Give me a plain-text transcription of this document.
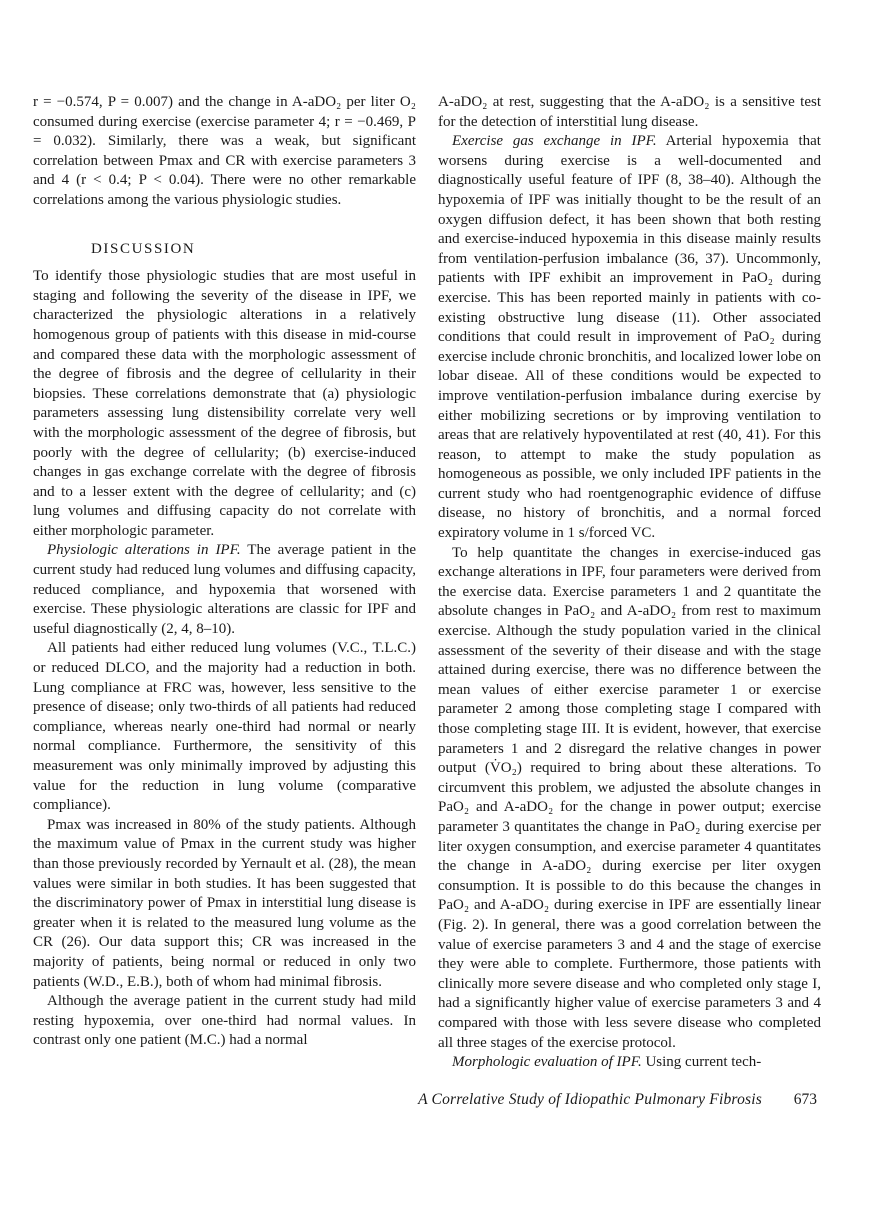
r = −0.574, P = 0.007) and the change in A-aDO₂ per liter O₂ consumed during exercise (exercise parameter 4; r = −0.469, P = 0.032). Similarly, there was a weak, but significant correlation between Pmax and CR with exercise parameters 3 and 4 (r < 0.4; P < 0.04). There were no other remarkable correlations among the various physiologic studies.

DISCUSSION

To identify those physiologic studies that are most useful in staging and following the severity of the disease in IPF, we characterized the physiologic alterations in a relatively homogenous group of patients with this disease in mid-course and compared these data with the morphologic assessment of the degree of fibrosis and the degree of cellularity in their biopsies. These correlations demonstrate that (a) physiologic parameters assessing lung distensibility correlate very well with the morphologic assessment of the degree of fibrosis, but poorly with the degree of cellularity; (b) exercise-induced changes in gas exchange correlate with the degree of fibrosis and to a lesser extent with the degree of cellularity; and (c) lung volumes and diffusing capacity do not correlate with either morphologic parameter.

Physiologic alterations in IPF. The average patient in the current study had reduced lung volumes and diffusing capacity, reduced compliance, and hypoxemia that worsened with exercise. These physiologic alterations are classic for IPF and useful diagnostically (2, 4, 8–10).

All patients had either reduced lung volumes (V.C., T.L.C.) or reduced DLCO, and the majority had a reduction in both. Lung compliance at FRC was, however, less sensitive to the presence of disease; only two-thirds of all patients had reduced compliance, whereas nearly one-third had normal or nearly normal compliance. Furthermore, the sensitivity of this measurement was only minimally improved by adjusting this value for the reduction in lung volume (comparative compliance).

Pmax was increased in 80% of the study patients. Although the maximum value of Pmax in the current study was higher than those previously recorded by Yernault et al. (28), the mean values were similar in both studies. It has been suggested that the discriminatory power of Pmax in interstitial lung disease is greater when it is related to the measured lung volume as the CR (26). Our data support this; CR was increased in the majority of patients, being normal or reduced in only two patients (W.D., E.B.), both of whom had minimal fibrosis.

Although the average patient in the current study had mild resting hypoxemia, over one-third had normal values. In contrast only one patient (M.C.) had a normal

A-aDO₂ at rest, suggesting that the A-aDO₂ is a sensitive test for the detection of interstitial lung disease.

Exercise gas exchange in IPF. Arterial hypoxemia that worsens during exercise is a well-documented and diagnostically useful feature of IPF (8, 38–40). Although the hypoxemia of IPF was initially thought to be the result of an oxygen diffusion defect, it has been shown that both resting and exercise-induced hypoxemia in this disease mainly results from ventilation-perfusion imbalance (36, 37). Uncommonly, patients with IPF exhibit an improvement in PaO₂ during exercise. This has been reported mainly in patients with co-existing obstructive lung disease (11). Other associated conditions that could result in improvement of PaO₂ during exercise include chronic bronchitis, and localized lower lobe on lobar diseae. All of these conditions would be expected to improve ventilation-perfusion imbalance during exercise by either mobilizing secretions or by improving ventilation to areas that are relatively hypoventilated at rest (40, 41). For this reason, to attempt to make the study population as homogeneous as possible, we only included IPF patients in the current study who had roentgenographic evidence of diffuse disease, no history of bronchitis, and a normal forced expiratory volume in 1 s/forced VC.

To help quantitate the changes in exercise-induced gas exchange alterations in IPF, four parameters were derived from the exercise data. Exercise parameters 1 and 2 quantitate the absolute changes in PaO₂ and A-aDO₂ from rest to maximum exercise. Although the study population varied in the clinical assessment of the severity of their disease and with the stage attained during exercise, there was no difference between the mean values of either exercise parameter 1 or exercise parameter 2 among those completing stage I compared with those completing stage III. It is evident, however, that exercise parameters 1 and 2 disregard the relative changes in power output (V̇O₂) required to bring about these alterations. To circumvent this problem, we adjusted the absolute changes in PaO₂ and A-aDO₂ for the change in power output; exercise parameter 3 quantitates the change in PaO₂ during exercise per liter oxygen consumption, and exercise parameter 4 quantitates the change in A-aDO₂ during exercise per liter oxygen consumption. It is possible to do this because the changes in PaO₂ and A-aDO₂ during exercise in IPF are essentially linear (Fig. 2). In general, there was a good correlation between the value of exercise parameters 3 and 4 and the stage of exercise they were able to complete. Furthermore, those patients with clinically more severe disease and who completed only stage I, had a significantly higher value of exercise parameters 3 and 4 compared with those with less severe disease who completed all three stages of the exercise protocol.

Morphologic evaluation of IPF. Using current tech-

A Correlative Study of Idiopathic Pulmonary Fibrosis 673
